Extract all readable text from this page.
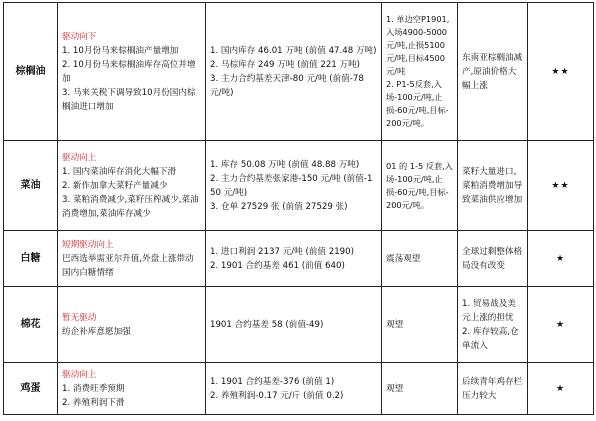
棕榈油	驱动向下
1. 10月份马来棕榈油产量增加
2. 10月份马来棕榈油库存高位并增加
3. 马来关税下调导致10月份国内棕榈油进口增加	1. 国内库存 46.01 万吨 (前值 47.48 万吨)
2. 马棕库存 249 万吨 (前值 221 万吨)
3. 主力合约基差天津-80 元/吨 (前值-78 元/吨)	1. 单边空P1901,入场4900-5000元/吨,止损5100元/吨,目标4500元/吨
2. P1-5反套,入场-100元/吨,止损-60元/吨,目标-200元/吨。	东南亚棕榈油减产,原油价格大幅上涨	★★
菜油	驱动向上
1. 国内菜油库存消化大幅下滑
2. 新作加拿大菜籽产量减少
3. 菜粕消费减少,菜籽压榨减少,菜油消费增加,菜油库存减少	1. 库存 50.08 万吨 (前值 48.88 万吨)
2. 主力合约基差张家港-150 元/吨 (前值-150 元/吨)
3. 仓单 27529 张 (前值 27529 张)	01 的 1-5 反套,入场-100元/吨,止损-60元/吨,目标-200元/吨。	菜籽大量进口,菜粕消费增加导致菜油供应增加	★★
白糖	短期驱动向上
巴西选举需亚尔升值,外盘上涨带动国内白糖情绪	1. 进口利润 2137 元/吨 (前值 2190)
2. 1901 合约基差 461 (前值 640)	震荡观望	全球过剩整体格局没有改变	★
棉花	暂无驱动
纺企补库意愿加强	1901 合约基差 58 (前值-49)	观望	1. 贸易战及美元上涨的担忧
2. 库存较高,仓单流入	★
鸡蛋	驱动向上
1. 消费旺季预期
2. 养殖利润下滑	1. 1901 合约基差-376 (前值 1)
2. 养殖利润-0.17 元/斤 (前值 0.2)	观望	后续青年鸡存栏压力较大	★
